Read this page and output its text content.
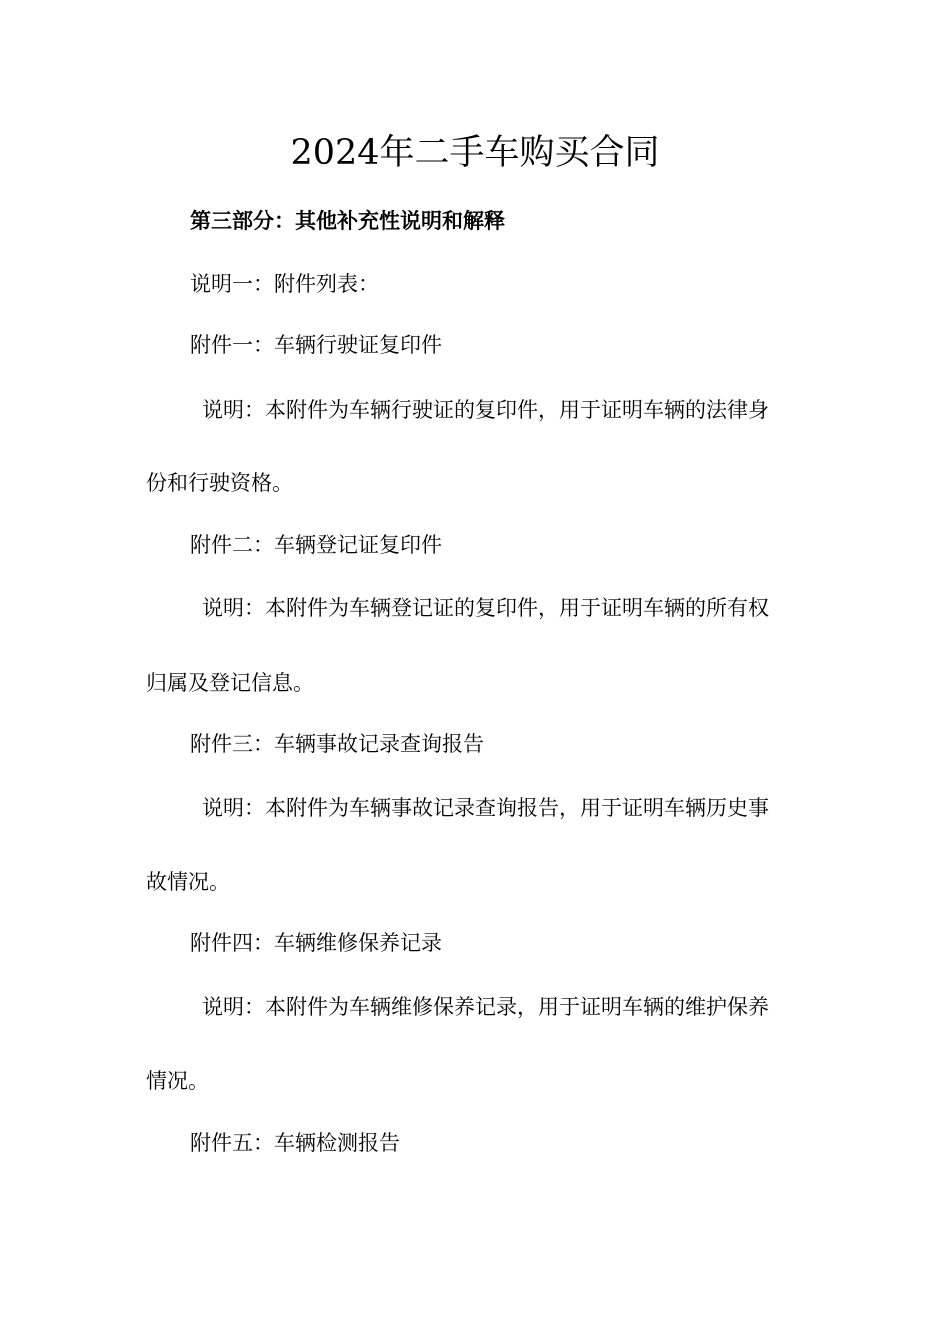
2024年二手车购买合同
第三部分：其他补充性说明和解释
说明一：附件列表：
附件一：车辆行驶证复印件
说明：本附件为车辆行驶证的复印件，用于证明车辆的法律身
份和行驶资格。
附件二：车辆登记证复印件
说明：本附件为车辆登记证的复印件，用于证明车辆的所有权
归属及登记信息。
附件三：车辆事故记录查询报告
说明：本附件为车辆事故记录查询报告，用于证明车辆历史事
故情况。
附件四：车辆维修保养记录
说明：本附件为车辆维修保养记录，用于证明车辆的维护保养
情况。
附件五：车辆检测报告
